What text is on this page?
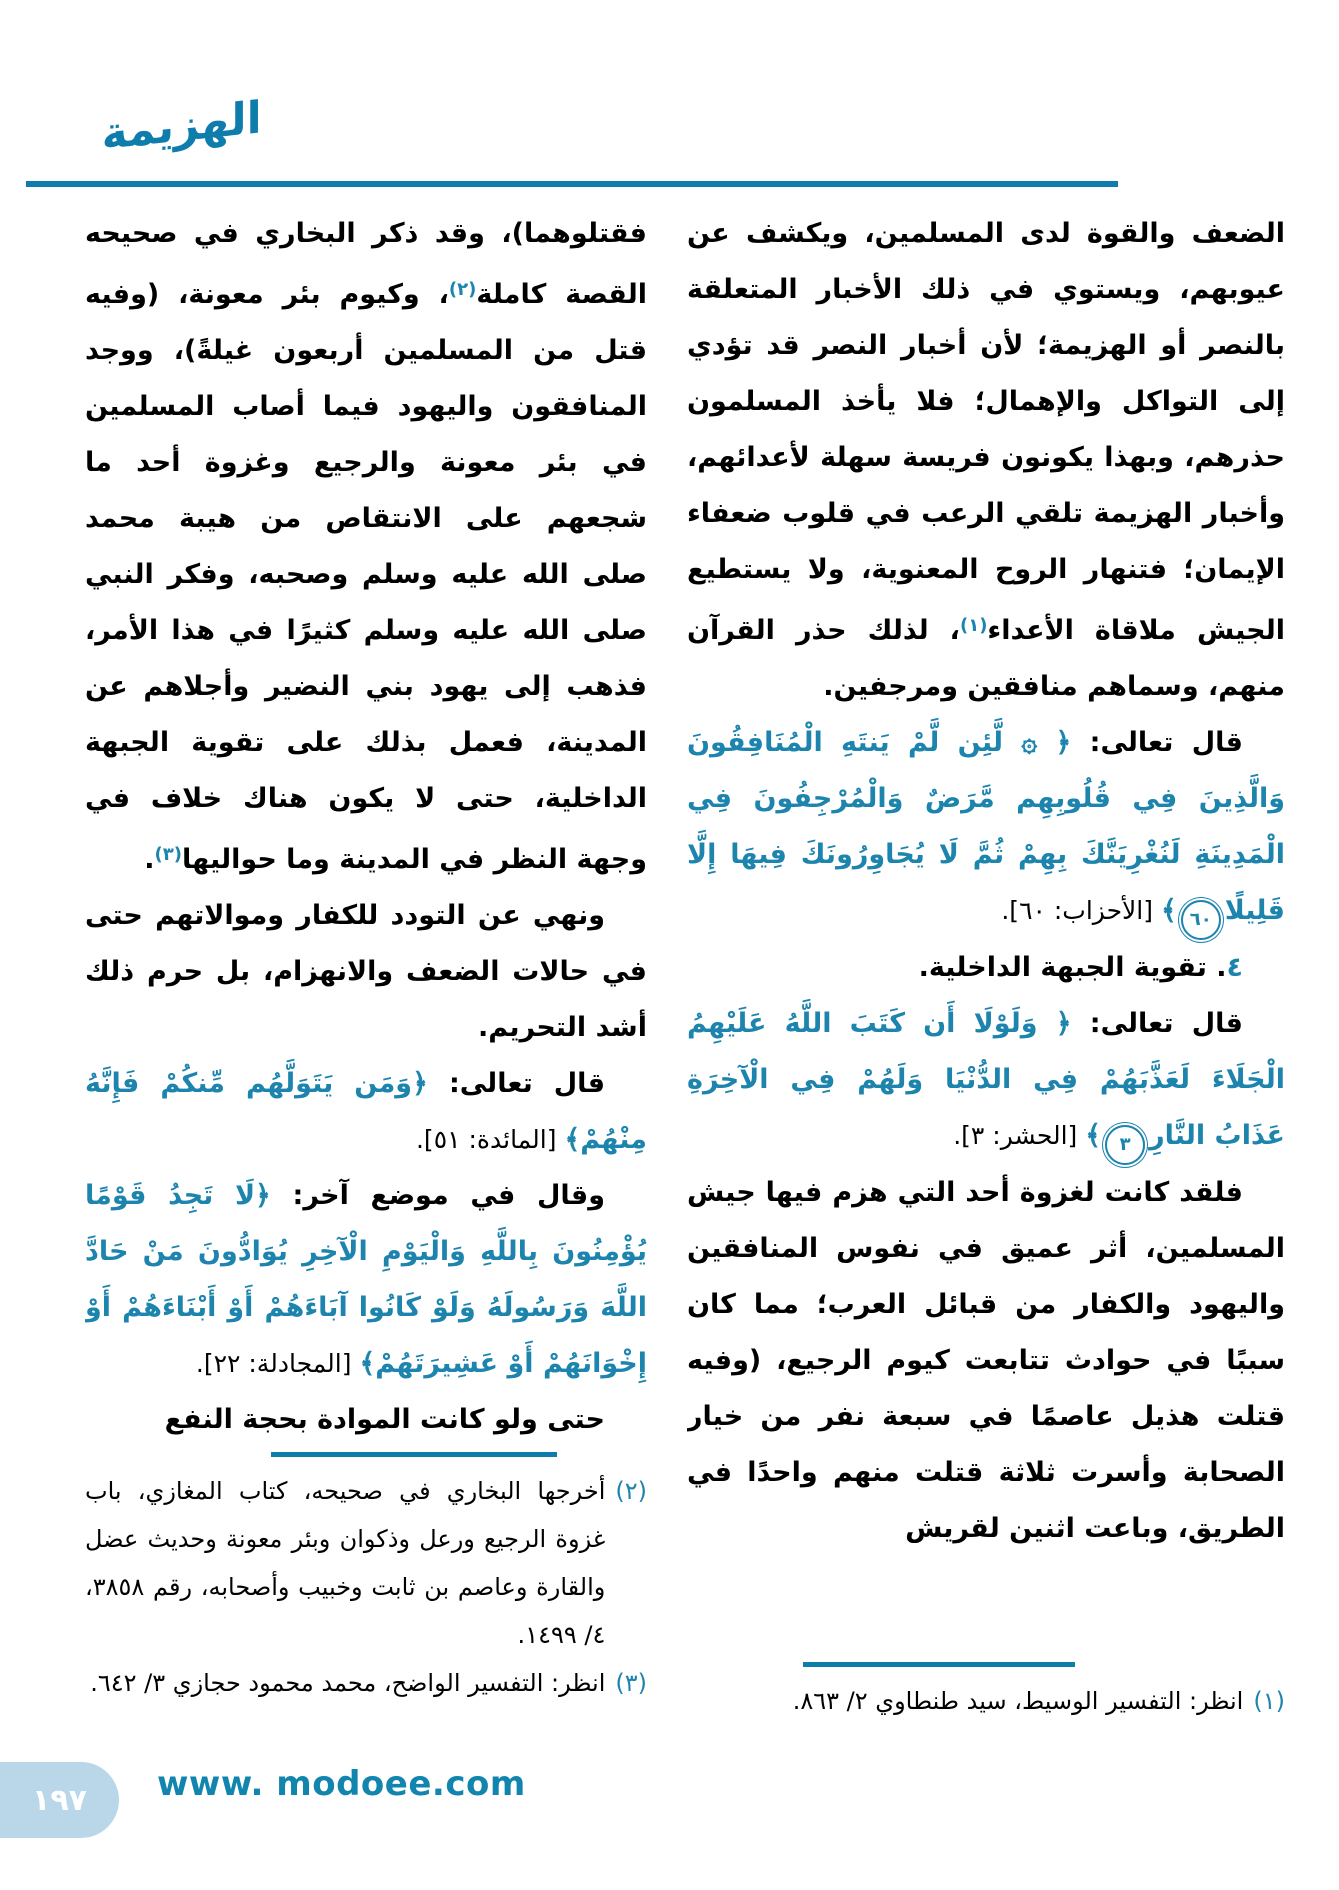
الهزيمة

الضعف والقوة لدى المسلمين، ويكشف عن عيوبهم، ويستوي في ذلك الأخبار المتعلقة بالنصر أو الهزيمة؛ لأن أخبار النصر قد تؤدي إلى التواكل والإهمال؛ فلا يأخذ المسلمون حذرهم، وبهذا يكونون فريسة سهلة لأعدائهم، وأخبار الهزيمة تلقي الرعب في قلوب ضعفاء الإيمان؛ فتنهار الروح المعنوية، ولا يستطيع الجيش ملاقاة الأعداء$^{(١)}$، لذلك حذر القرآن منهم، وسماهم منافقين ومرجفين.

قال تعالى: ﴿ ۞ لَّئِن لَّمْ يَنتَهِ الْمُنَافِقُونَ وَالَّذِينَ فِي قُلُوبِهِم مَّرَضٌ وَالْمُرْجِفُونَ فِي الْمَدِينَةِ لَنُغْرِيَنَّكَ بِهِمْ ثُمَّ لَا يُجَاوِرُونَكَ فِيهَا إِلَّا قَلِيلًا٦٠﴾ [الأحزاب: ٦٠].

٤. تقوية الجبهة الداخلية.

قال تعالى: ﴿ وَلَوْلَا أَن كَتَبَ اللَّهُ عَلَيْهِمُ الْجَلَاءَ لَعَذَّبَهُمْ فِي الدُّنْيَا وَلَهُمْ فِي الْآخِرَةِ عَذَابُ النَّارِ٣﴾ [الحشر: ٣].

فلقد كانت لغزوة أحد التي هزم فيها جيش المسلمين، أثر عميق في نفوس المنافقين واليهود والكفار من قبائل العرب؛ مما كان سببًا في حوادث تتابعت كيوم الرجيع، (وفيه قتلت هذيل عاصمًا في سبعة نفر من خيار الصحابة وأسرت ثلاثة قتلت منهم واحدًا في الطريق، وباعت اثنين لقريش

فقتلوهما)، وقد ذكر البخاري في صحيحه القصة كاملة$^{(٢)}$، وكيوم بئر معونة، (وفيه قتل من المسلمين أربعون غيلةً)، ووجد المنافقون واليهود فيما أصاب المسلمين في بئر معونة والرجيع وغزوة أحد ما شجعهم على الانتقاص من هيبة محمد صلى الله عليه وسلم وصحبه، وفكر النبي صلى الله عليه وسلم كثيرًا في هذا الأمر، فذهب إلى يهود بني النضير وأجلاهم عن المدينة، فعمل بذلك على تقوية الجبهة الداخلية، حتى لا يكون هناك خلاف في وجهة النظر في المدينة وما حواليها$^{(٣)}$.

ونهي عن التودد للكفار وموالاتهم حتى في حالات الضعف والانهزام، بل حرم ذلك أشد التحريم.

قال تعالى: ﴿وَمَن يَتَوَلَّهُم مِّنكُمْ فَإِنَّهُ مِنْهُمْ﴾ [المائدة: ٥١].

وقال في موضع آخر: ﴿لَا تَجِدُ قَوْمًا يُؤْمِنُونَ بِاللَّهِ وَالْيَوْمِ الْآخِرِ يُوَادُّونَ مَنْ حَادَّ اللَّهَ وَرَسُولَهُ وَلَوْ كَانُوا آبَاءَهُمْ أَوْ أَبْنَاءَهُمْ أَوْ إِخْوَانَهُمْ أَوْ عَشِيرَتَهُمْ﴾ [المجادلة: ٢٢].

حتى ولو كانت الموادة بحجة النفع

(١)
انظر: التفسير الوسيط، سيد طنطاوي ٢/ ٨٦٣.
(٢)
أخرجها البخاري في صحيحه، كتاب المغازي، باب غزوة الرجيع ورعل وذكوان وبئر معونة وحديث عضل والقارة وعاصم بن ثابت وخبيب وأصحابه، رقم ٣٨٥٨، ٤/ ١٤٩٩.
(٣)
انظر: التفسير الواضح، محمد محمود حجازي ٣/ ٦٤٢.
١٩٧ www. modoee.com
